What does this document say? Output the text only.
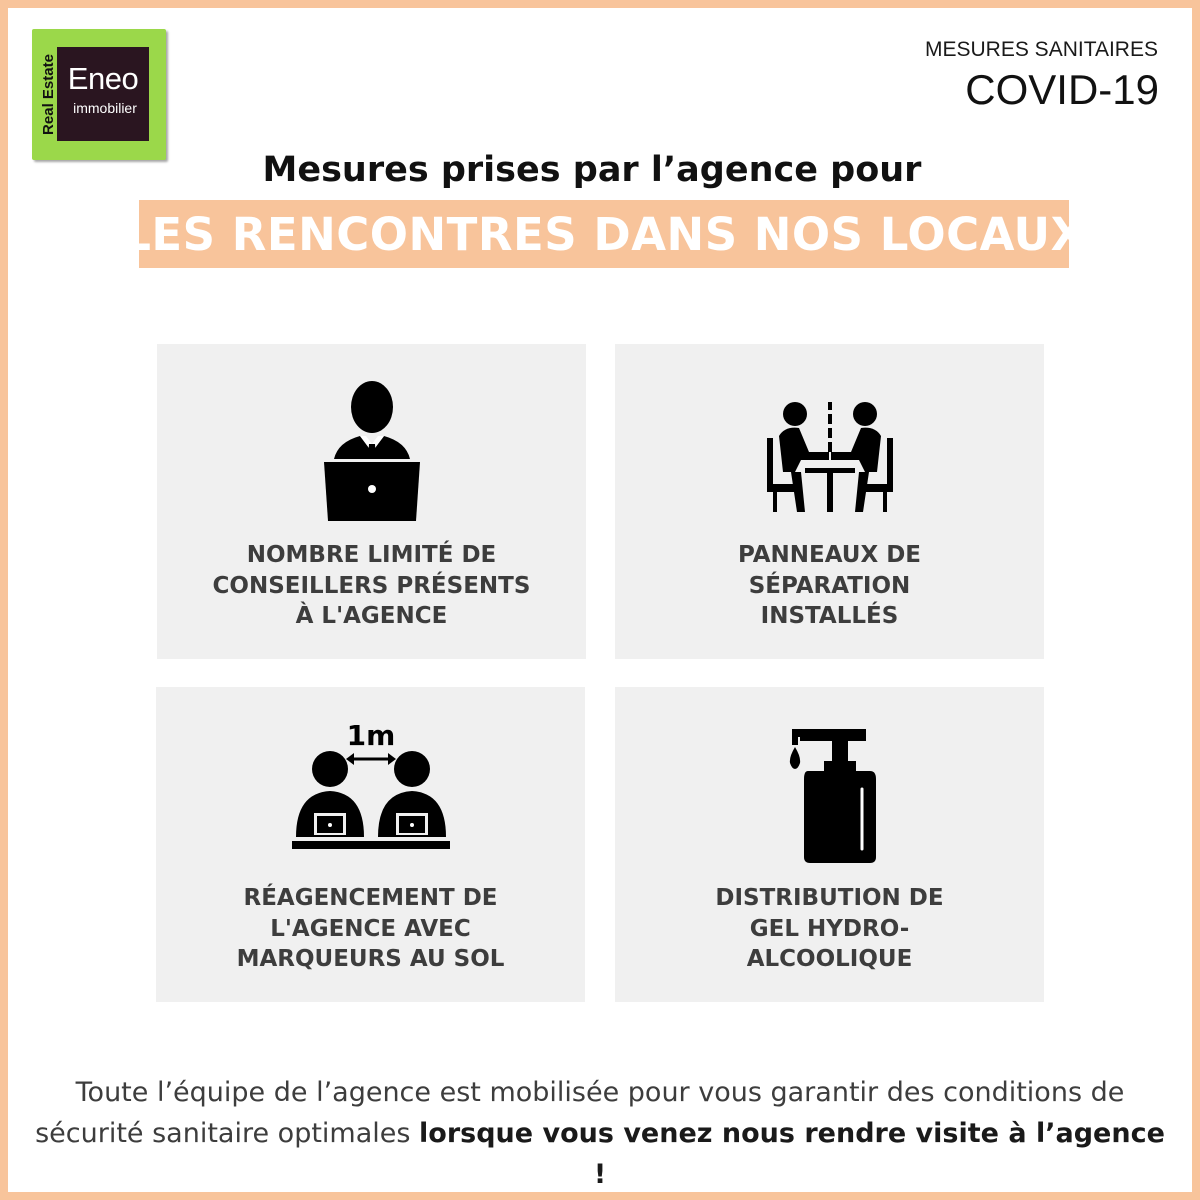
Real Estate Eneo
immobilier
MESURES SANITAIRES
COVID-19
Mesures prises par l’agence pour
LES RENCONTRES DANS NOS LOCAUX
NOMBRE LIMITÉ DE
CONSEILLERS PRÉSENTS
À L'AGENCE
PANNEAUX DE
SÉPARATION
INSTALLÉS
1m
RÉAGENCEMENT DE
L'AGENCE AVEC
MARQUEURS AU SOL
DISTRIBUTION DE
GEL HYDRO-
ALCOOLIQUE
Toute l’équipe de l’agence est mobilisée pour vous garantir des conditions de sécurité sanitaire optimales lorsque vous venez nous rendre visite à l’agence !
